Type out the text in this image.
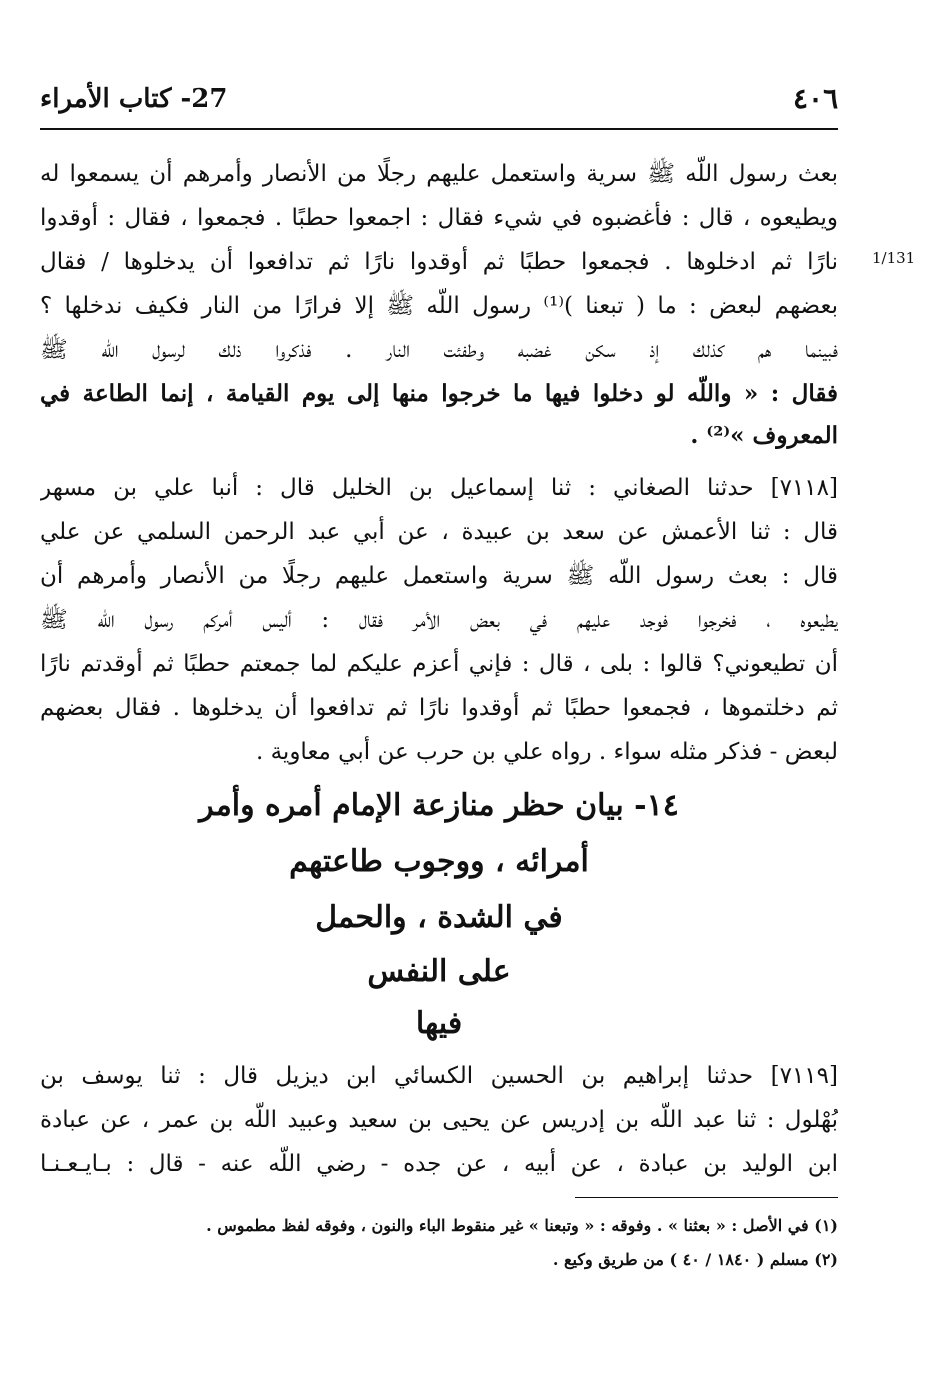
27- كتاب الأمراء	٤٠٦
1/131
بعث رسول اللّه ﷺ سرية واستعمل عليهم رجلًا من الأنصار وأمرهم أن يسمعوا له
ويطيعوه ، قال : فأغضبوه في شيء فقال : اجمعوا حطبًا . فجمعوا ، فقال : أوقدوا
نارًا ثم ادخلوها . فجمعوا حطبًا ثم أوقدوا نارًا ثم تدافعوا أن يدخلوها / فقال
بعضهم لبعض : ما ( تبعنا )⁽¹⁾ رسول اللّه ﷺ إلا فرارًا من النار فكيف ندخلها ؟
فبينما هم كذلك إذ سكن غضبه وطفئت النار . فذكروا ذلك لرسول اللّه ﷺ
فقال : « واللّه لو دخلوا فيها ما خرجوا منها إلى يوم القيامة ، إنما الطاعة في
المعروف »⁽²⁾ .
[٧١١٨] حدثنا الصغاني : ثنا إسماعيل بن الخليل قال : أنبا علي بن مسهر
قال : ثنا الأعمش عن سعد بن عبيدة ، عن أبي عبد الرحمن السلمي عن علي
قال : بعث رسول اللّه ﷺ سرية واستعمل عليهم رجلًا من الأنصار وأمرهم أن
يطيعوه ، فخرجوا فوجد عليهم في بعض الأمر فقال : أليس أمركم رسول اللّه ﷺ
أن تطيعوني؟ قالوا : بلى ، قال : فإني أعزم عليكم لما جمعتم حطبًا ثم أوقدتم نارًا
ثم دخلتموها ، فجمعوا حطبًا ثم أوقدوا نارًا ثم تدافعوا أن يدخلوها . فقال بعضهم
لبعض - فذكر مثله سواء . رواه علي بن حرب عن أبي معاوية .
١٤- بيان حظر منازعة الإمام أمره وأمر
أمرائه ، ووجوب طاعتهم
في الشدة ، والحمل
على النفس
فيها
[٧١١٩] حدثنا إبراهيم بن الحسين الكسائي ابن ديزيل قال : ثنا يوسف بن
بُهْلول : ثنا عبد اللّه بن إدريس عن يحيى بن سعيد وعبيد اللّه بن عمر ، عن عبادة
ابن الوليد بن عبادة ، عن أبيه ، عن جده - رضي اللّه عنه - قال : بـايـعـنـا
(١) في الأصل : « بعثنا » . وفوقه : « وتبعنا » غير منقوط الباء والنون ، وفوقه لفظ مطموس .
(٢) مسلم ( ١٨٤٠ / ٤٠ ) من طريق وكيع .
